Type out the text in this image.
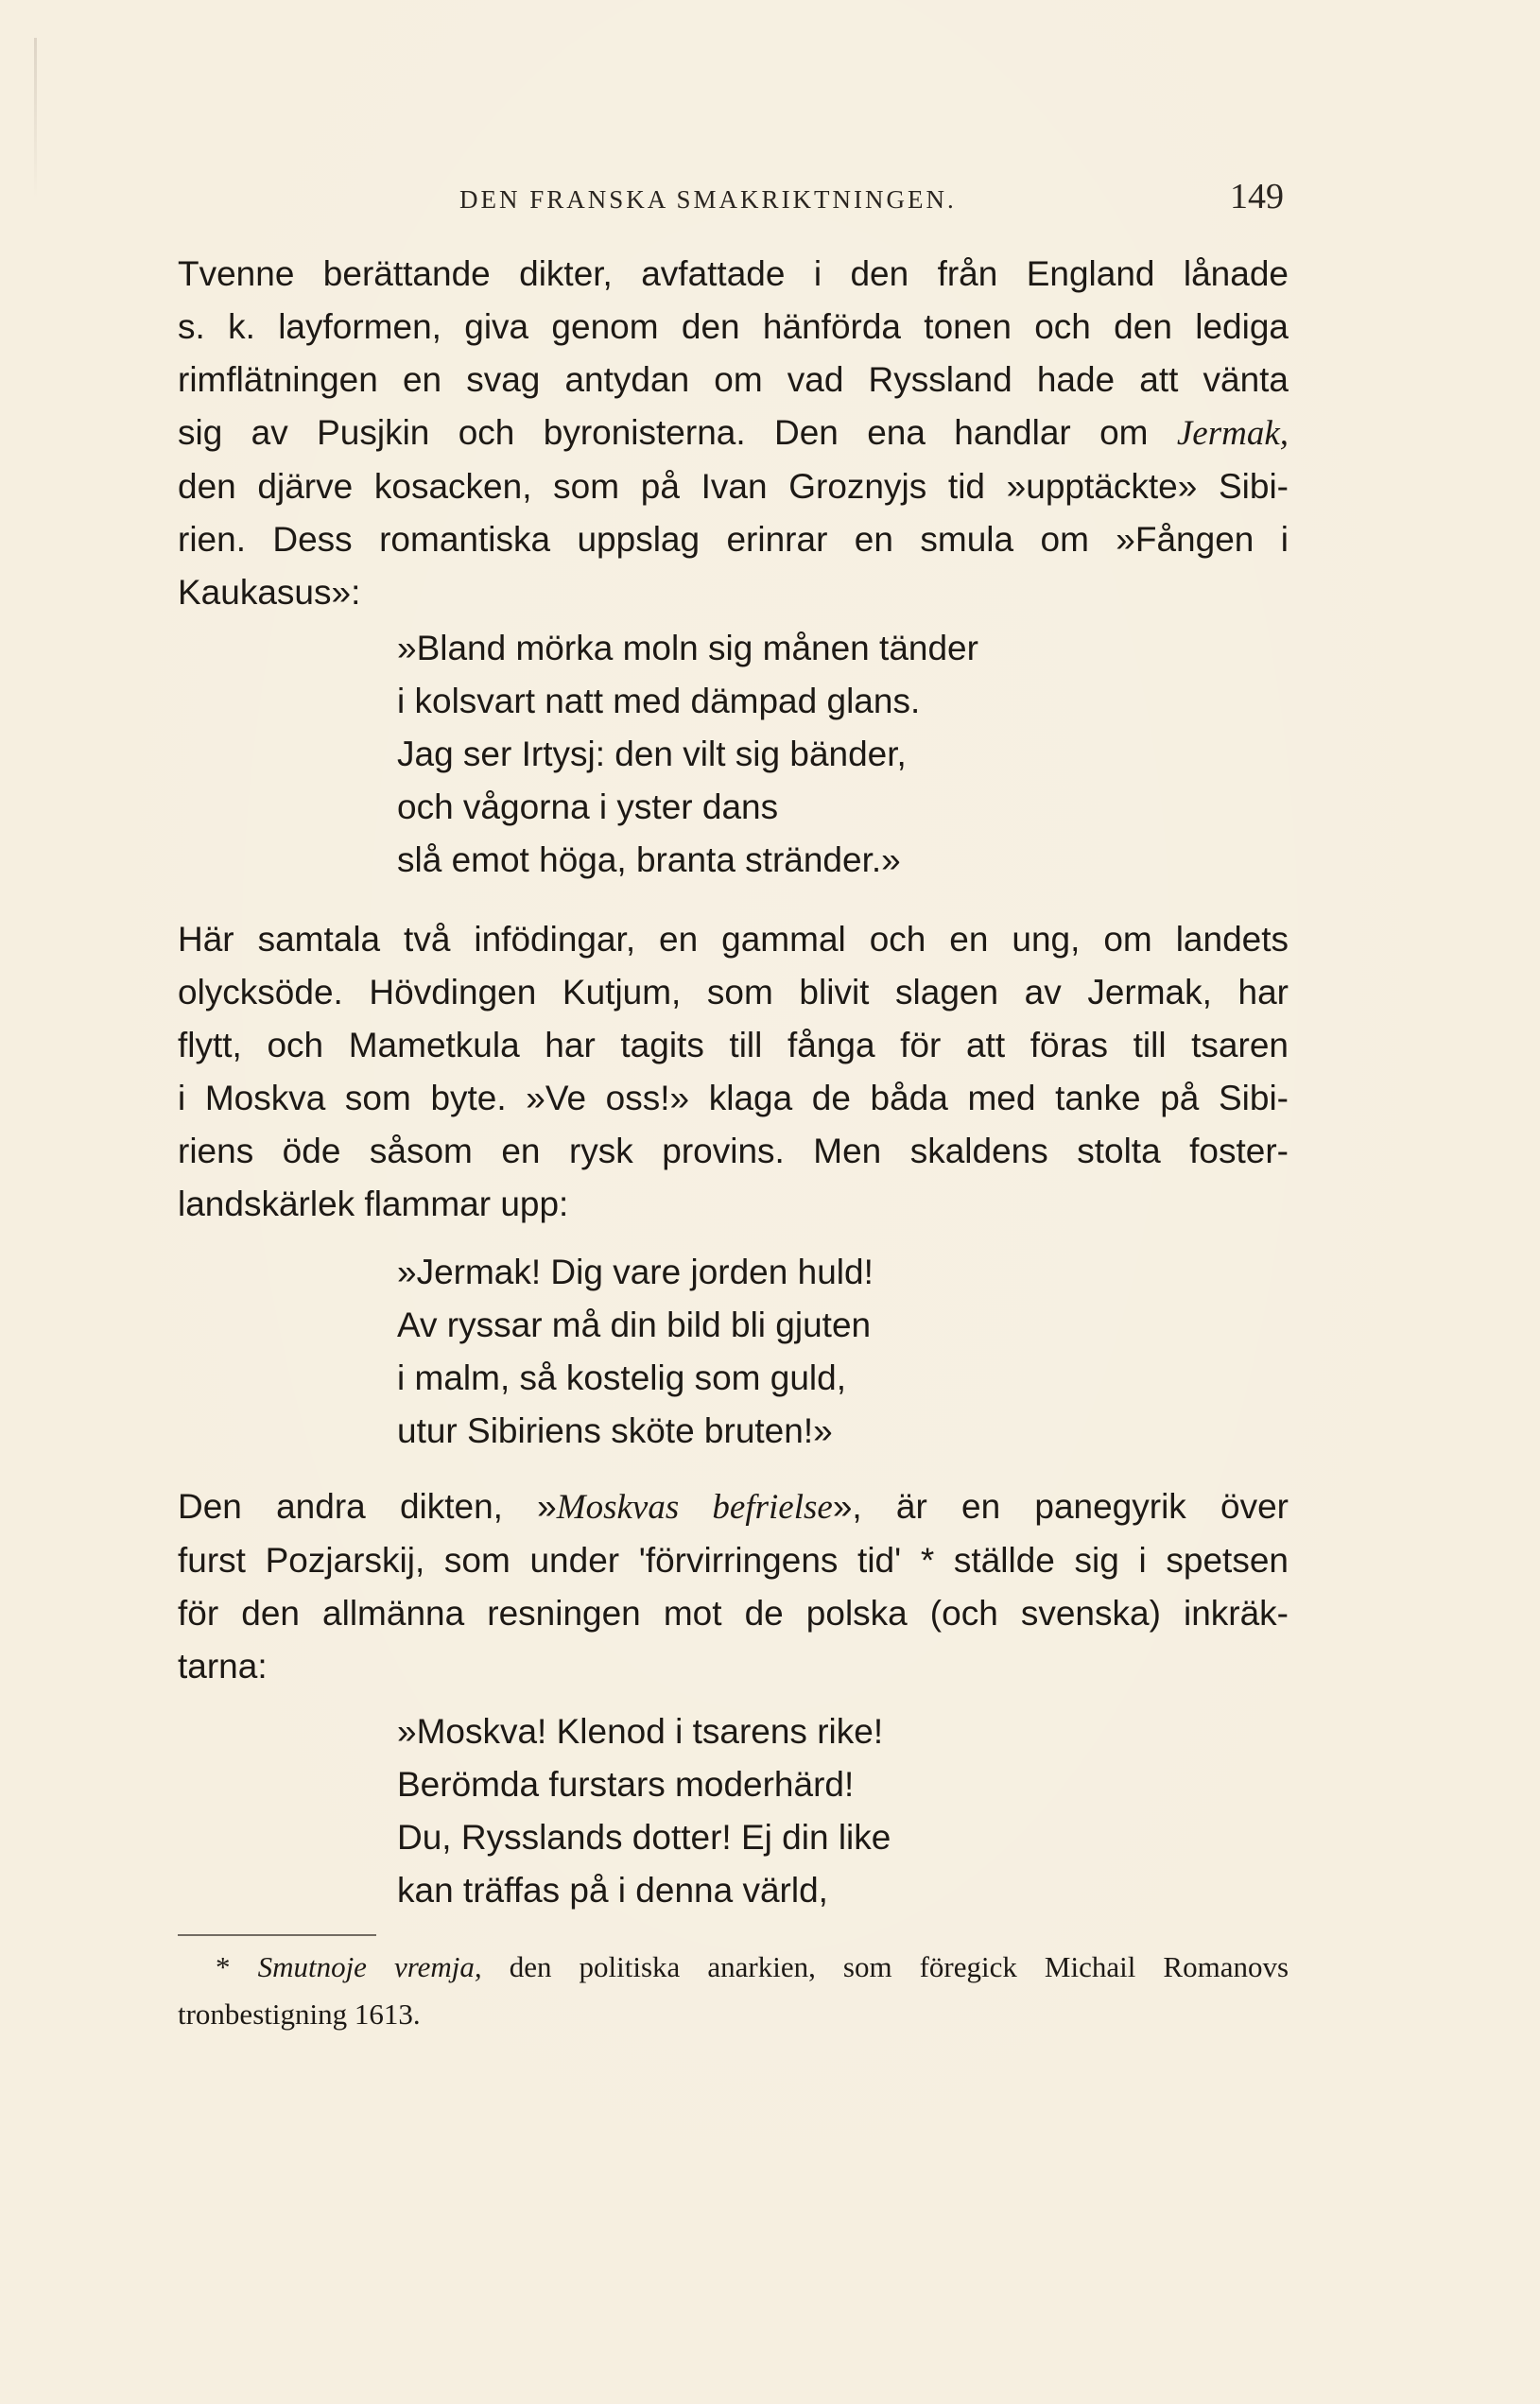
DEN FRANSKA SMAKRIKTNINGEN.	149
Tvenne berättande dikter, avfattade i den från England lånade
s. k. layformen, giva genom den hänförda tonen och den lediga
rimflätningen en svag antydan om vad Ryssland hade att vänta
sig av Pusjkin och byronisterna. Den ena handlar om Jermak,
den djärve kosacken, som på Ivan Groznyjs tid »upptäckte» Sibi-
rien. Dess romantiska uppslag erinrar en smula om »Fången i
Kaukasus»:
»Bland mörka moln sig månen tänder
i kolsvart natt med dämpad glans.
Jag ser Irtysj: den vilt sig bänder,
och vågorna i yster dans
slå emot höga, branta stränder.»
Här samtala två infödingar, en gammal och en ung, om landets
olycksöde. Hövdingen Kutjum, som blivit slagen av Jermak, har
flytt, och Mametkula har tagits till fånga för att föras till tsaren
i Moskva som byte. »Ve oss!» klaga de båda med tanke på Sibi-
riens öde såsom en rysk provins. Men skaldens stolta foster-
landskärlek flammar upp:
»Jermak! Dig vare jorden huld!
Av ryssar må din bild bli gjuten
i malm, så kostelig som guld,
utur Sibiriens sköte bruten!»
Den andra dikten, »Moskvas befrielse», är en panegyrik över
furst Pozjarskij, som under 'förvirringens tid' * ställde sig i spetsen
för den allmänna resningen mot de polska (och svenska) inkräk-
tarna:
»Moskva! Klenod i tsarens rike!
Berömda furstars moderhärd!
Du, Rysslands dotter! Ej din like
kan träffas på i denna värld,
* Smutnoje vremja, den politiska anarkien, som föregick Michail Romanovs
tronbestigning 1613.
